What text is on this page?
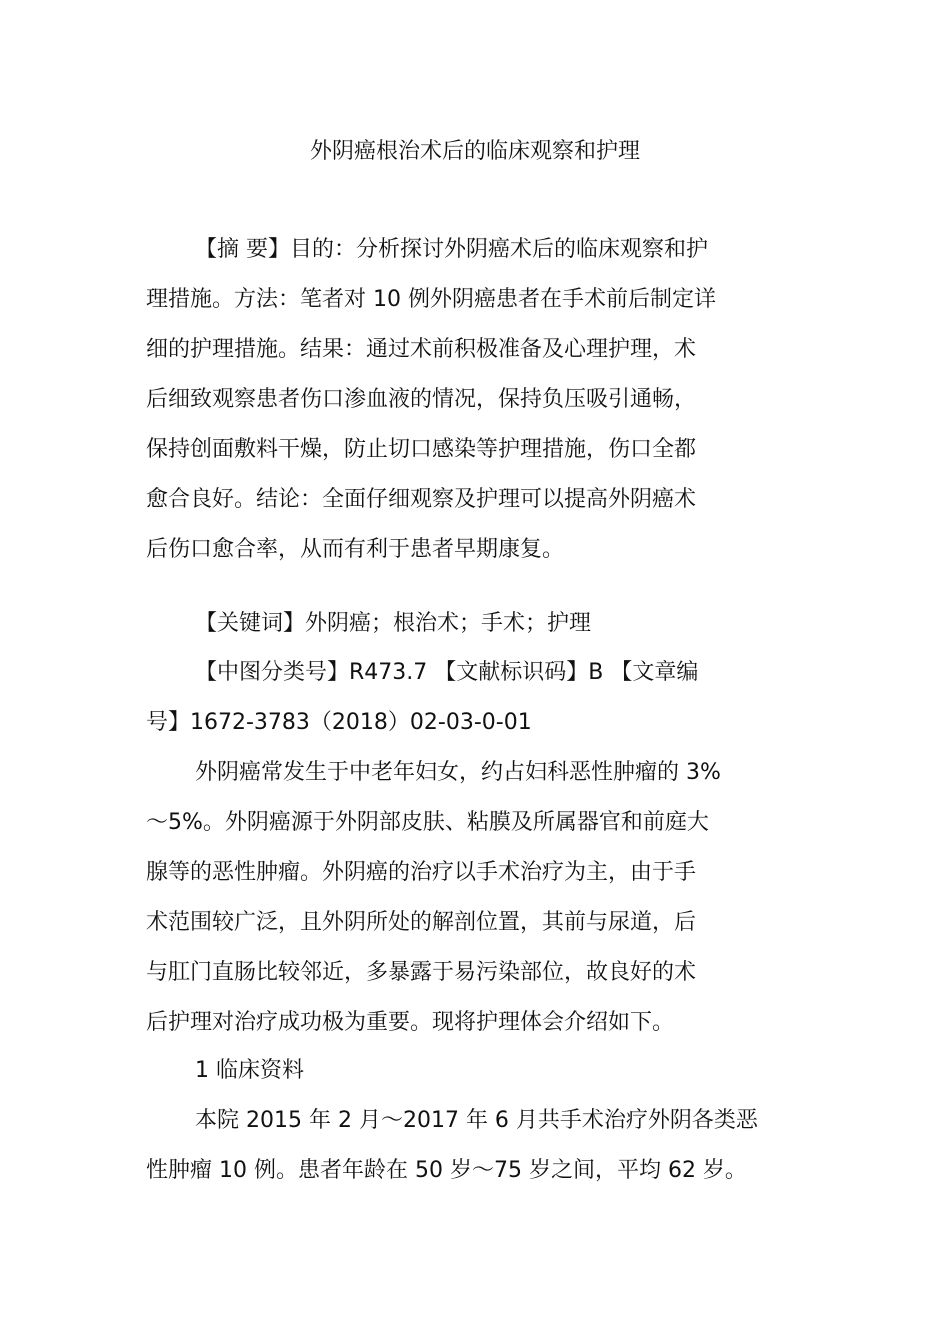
外阴癌根治术后的临床观察和护理
【摘 要】目的：分析探讨外阴癌术后的临床观察和护
理措施。方法：笔者对 10 例外阴癌患者在手术前后制定详
细的护理措施。结果：通过术前积极准备及心理护理，术
后细致观察患者伤口渗血液的情况，保持负压吸引通畅，
保持创面敷料干燥，防止切口感染等护理措施，伤口全都
愈合良好。结论：全面仔细观察及护理可以提高外阴癌术
后伤口愈合率，从而有利于患者早期康复。
【关键词】外阴癌；根治术；手术；护理
【中图分类号】R473.7 【文献标识码】B 【文章编
号】1672-3783（2018）02-03-0-01
外阴癌常发生于中老年妇女，约占妇科恶性肿瘤的 3%
～5%。外阴癌源于外阴部皮肤、粘膜及所属器官和前庭大
腺等的恶性肿瘤。外阴癌的治疗以手术治疗为主，由于手
术范围较广泛，且外阴所处的解剖位置，其前与尿道，后
与肛门直肠比较邻近，多暴露于易污染部位，故良好的术
后护理对治疗成功极为重要。现将护理体会介绍如下。
1 临床资料
本院 2015 年 2 月～2017 年 6 月共手术治疗外阴各类恶
性肿瘤 10 例。患者年龄在 50 岁～75 岁之间，平均 62 岁。
